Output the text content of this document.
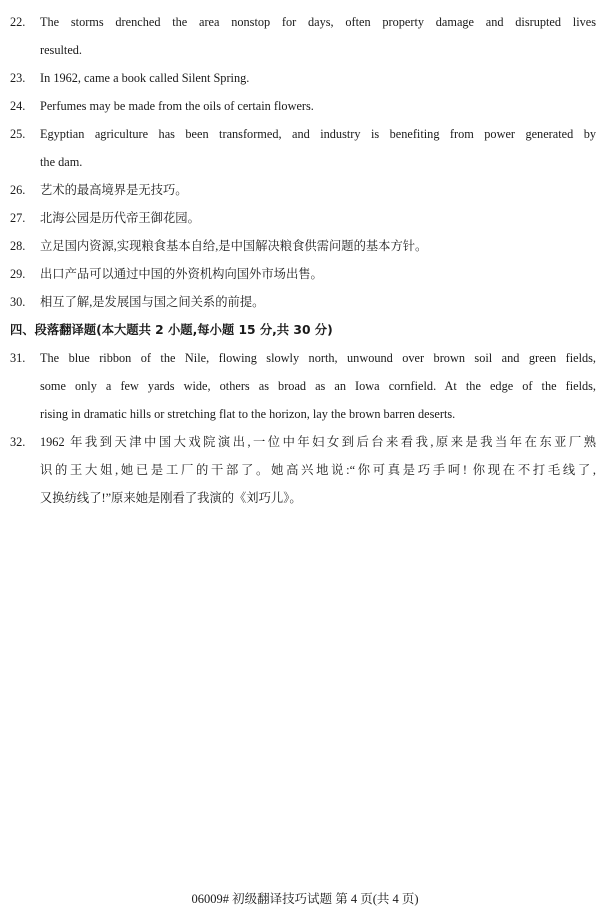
22.	The storms drenched the area nonstop for days, often property damage and disrupted lives
resulted.
23.	In 1962, came a book called Silent Spring.
24.	Perfumes may be made from the oils of certain flowers.
25.	Egyptian agriculture has been transformed, and industry is benefiting from power generated by
the dam.
26.	艺术的最高境界是无技巧。
27.	北海公园是历代帝王御花园。
28.	立足国内资源,实现粮食基本自给,是中国解决粮食供需问题的基本方针。
29.	出口产品可以通过中国的外资机构向国外市场出售。
30.	相互了解,是发展国与国之间关系的前提。
四、段落翻译题(本大题共 2 小题,每小题 15 分,共 30 分)
31.	The blue ribbon of the Nile, flowing slowly north, unwound over brown soil and green fields,
some only a few yards wide, others as broad as an Iowa cornfield. At the edge of the fields,
rising in dramatic hills or stretching flat to the horizon, lay the brown barren deserts.
32.	1962 年我到天津中国大戏院演出,一位中年妇女到后台来看我,原来是我当年在东亚厂熟
识的王大姐,她已是工厂的干部了。她高兴地说:“你可真是巧手呵! 你现在不打毛线了,
又换纺线了!”原来她是刚看了我演的《刘巧儿》。
06009# 初级翻译技巧试题 第 4 页(共 4 页)
